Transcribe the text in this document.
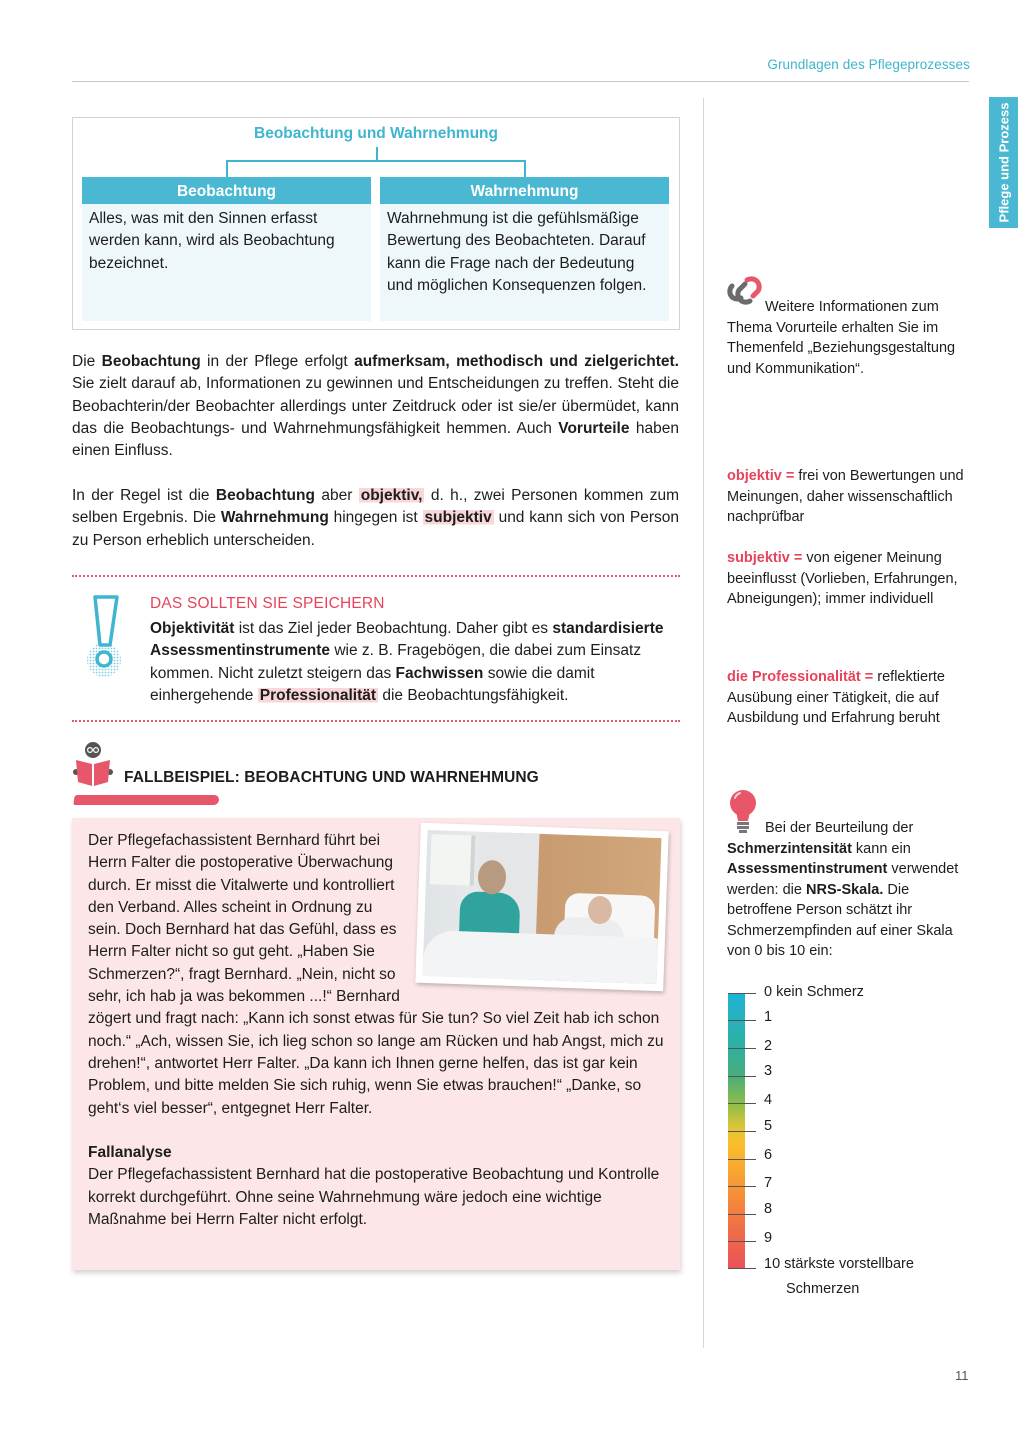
Grundlagen des Pflegeprozesses
Pflege und Prozess
Beobachtung und Wahrnehmung
Beobachtung
Alles, was mit den Sinnen erfasst werden kann, wird als Beobachtung bezeichnet.
Wahrnehmung
Wahrnehmung ist die gefühlsmäßige Bewertung des Beobachteten. Darauf kann die Frage nach der Bedeutung und möglichen Konsequenzen folgen.
Die Beobachtung in der Pflege erfolgt aufmerksam, methodisch und zielgerichtet. Sie zielt darauf ab, Informationen zu gewinnen und Entscheidungen zu treffen. Steht die Beobachterin/der Beobachter allerdings unter Zeitdruck oder ist sie/er übermüdet, kann das die Beobachtungs- und Wahrnehmungsfähigkeit hemmen. Auch Vorurteile haben einen Einfluss.
In der Regel ist die Beobachtung aber objektiv, d. h., zwei Personen kommen zum selben Ergebnis. Die Wahrnehmung hingegen ist subjektiv und kann sich von Person zu Person erheblich unterscheiden.
DAS SOLLTEN SIE SPEICHERN
Objektivität ist das Ziel jeder Beobachtung. Daher gibt es standardisierte Assessmentinstrumente wie z. B. Fragebögen, die dabei zum Einsatz kommen. Nicht zuletzt steigern das Fachwissen sowie die damit einhergehende Professionalität die Beobachtungsfähigkeit.
FALLBEISPIEL: BEOBACHTUNG UND WAHRNEHMUNG

Der Pflegefachassistent Bernhard führt bei Herrn Falter die postoperative Überwachung durch. Er misst die Vitalwerte und kontrolliert den Verband. Alles scheint in Ordnung zu sein. Doch Bernhard hat das Gefühl, dass es Herrn Falter nicht so gut geht. „Haben Sie Schmerzen?“, fragt Bernhard. „Nein, nicht so sehr, ich hab ja was bekommen ...!“ Bernhard zögert und fragt nach: „Kann ich sonst etwas für Sie tun? So viel Zeit hab ich schon noch.“ „Ach, wissen Sie, ich lieg schon so lange am Rücken und hab Angst, mich zu drehen!“, antwortet Herr Falter. „Da kann ich Ihnen gerne helfen, das ist gar kein Problem, und bitte melden Sie sich ruhig, wenn Sie etwas brauchen!“ „Danke, so geht‘s viel besser“, entgegnet Herr Falter.

Fallanalyse

Der Pflegefachassistent Bernhard hat die postoperative Beobachtung und Kontrolle korrekt durchgeführt. Ohne seine Wahrnehmung wäre jedoch eine wichtige Maßnahme bei Herrn Falter nicht erfolgt.

Weitere Informationen zum Thema Vorurteile erhalten Sie im Themenfeld „Beziehungsgestaltung und Kommunikation“.
objektiv = frei von Bewertungen und Meinungen, daher wissenschaftlich nachprüfbar
subjektiv = von eigener Meinung beeinflusst (Vorlieben, Erfahrungen, Abneigungen); immer individuell
die Professionalität = reflektierte Ausübung einer Tätigkeit, die auf Ausbildung und Erfahrung beruht
Bei der Beurteilung der Schmerzintensität kann ein Assessmentinstrument verwendet werden: die NRS-Skala. Die betroffene Person schätzt ihr Schmerzempfinden auf einer Skala von 0 bis 10 ein:
0 kein Schmerz
1
2
3
4
5
6
7
8
9
10 stärkste vorstellbare
Schmerzen
11
